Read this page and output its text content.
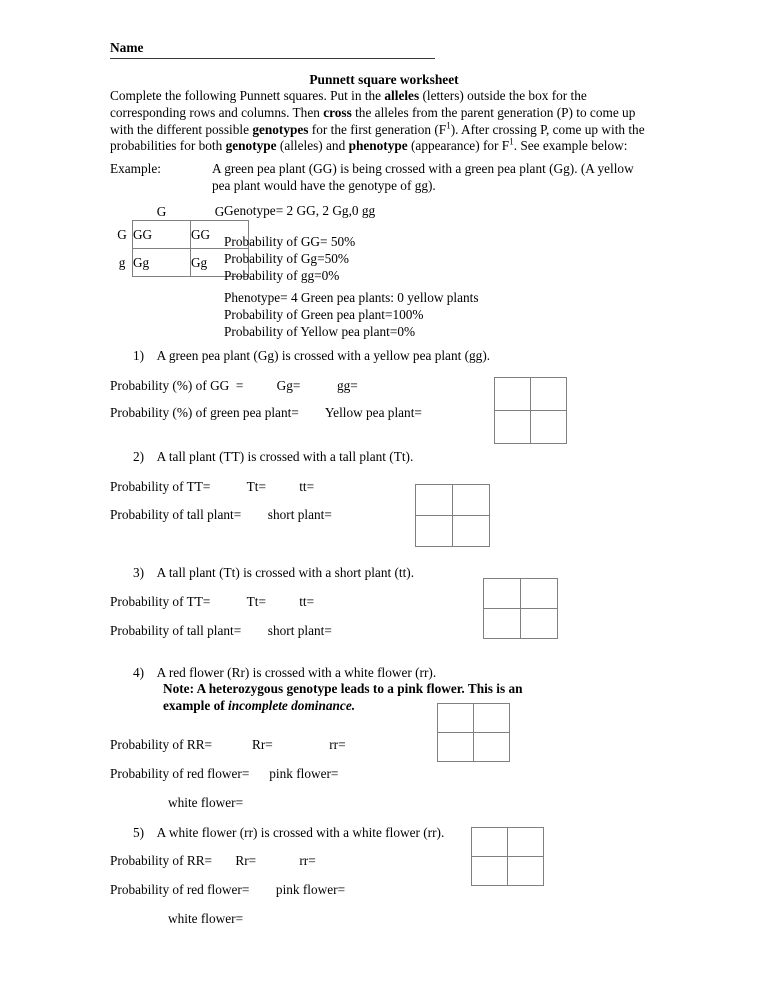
Name
Punnett square worksheet
Complete the following Punnett squares. Put in the alleles (letters) outside the box for the corresponding rows and columns. Then cross the alleles from the parent generation (P) to come up with the different possible genotypes for the first generation $(F^1)$. After crossing P, come up with the probabilities for both genotype (alleles) and phenotype (appearance) for $F^1$. See example below:
Example:	A green pea plant (GG) is being crossed with a green pea plant (Gg). (A yellow pea plant would have the genotype of gg).
	G	G
G	GG	GG
g	Gg	Gg
Genotype= 2 GG, 2 Gg,0 gg
Probability of GG= 50%
Probability of Gg=50%
Probability of gg=0%
Phenotype= 4 Green pea plants: 0 yellow plants
Probability of Green pea plant=100%
Probability of Yellow pea plant=0%
1) A green pea plant (Gg) is crossed with a yellow pea plant (gg).
Probability (%) of GG  =          Gg=           gg=
Probability (%) of green pea plant=        Yellow pea plant=

2) A tall plant (TT) is crossed with a tall plant (Tt).
Probability of TT=           Tt=          tt=
Probability of tall plant=        short plant=

3) A tall plant (Tt) is crossed with a short plant (tt).
Probability of TT=           Tt=          tt=
Probability of tall plant=        short plant=

4) A red flower (Rr) is crossed with a white flower (rr).
Note: A heterozygous genotype leads to a pink flower. This is an example of incomplete dominance.
Probability of RR=            Rr=                 rr=
Probability of red flower=      pink flower=
white flower=

5) A white flower (rr) is crossed with a white flower (rr).
Probability of RR=       Rr=             rr=
Probability of red flower=        pink flower=
white flower=
